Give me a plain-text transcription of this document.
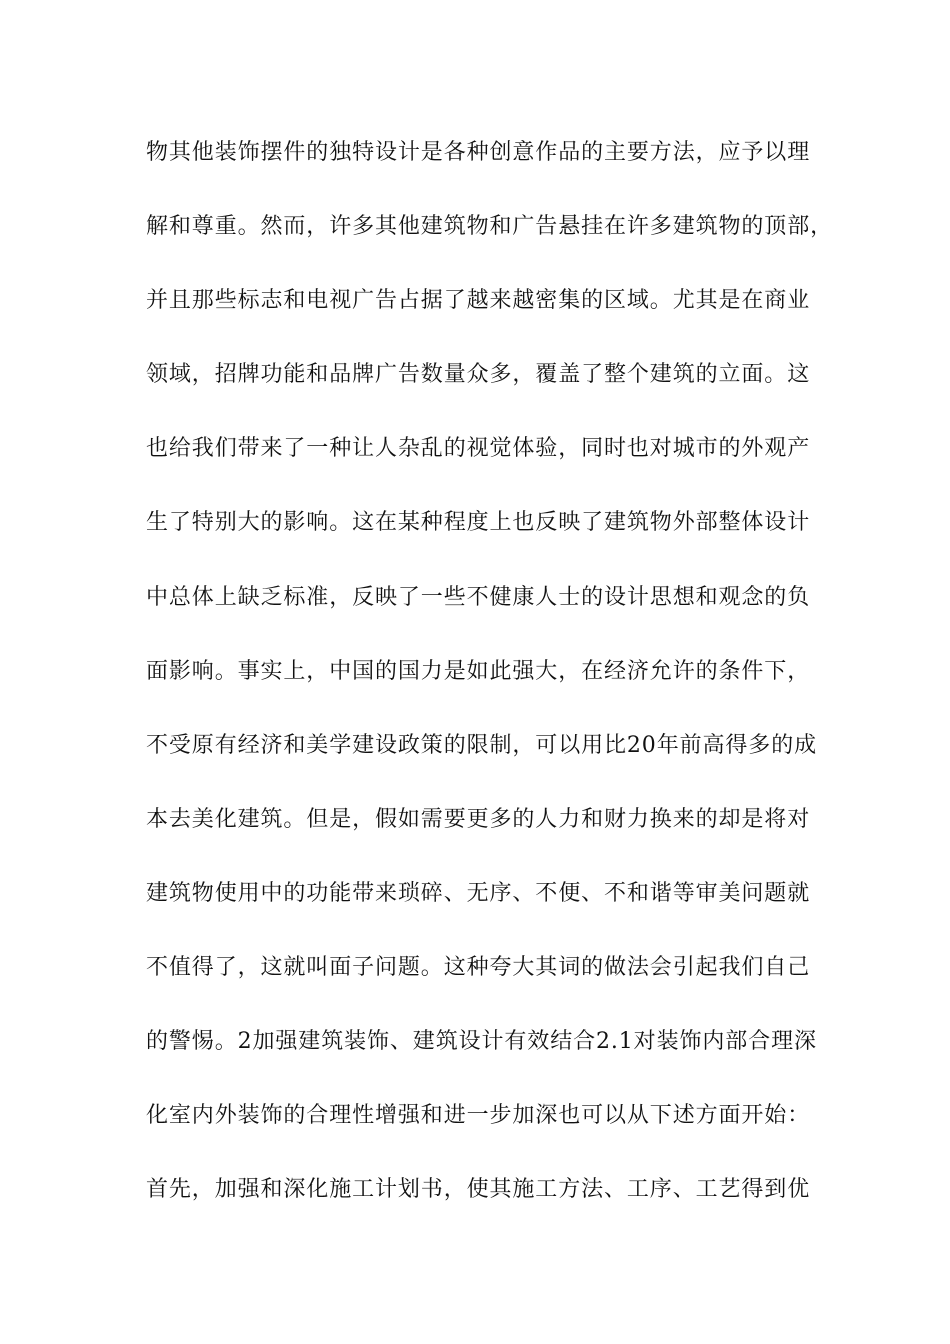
物其他装饰摆件的独特设计是各种创意作品的主要方法，应予以理
解和尊重。然而，许多其他建筑物和广告悬挂在许多建筑物的顶部，
并且那些标志和电视广告占据了越来越密集的区域。尤其是在商业
领域，招牌功能和品牌广告数量众多，覆盖了整个建筑的立面。这
也给我们带来了一种让人杂乱的视觉体验，同时也对城市的外观产
生了特别大的影响。这在某种程度上也反映了建筑物外部整体设计
中总体上缺乏标准，反映了一些不健康人士的设计思想和观念的负
面影响。事实上，中国的国力是如此强大，在经济允许的条件下，
不受原有经济和美学建设政策的限制，可以用比20年前高得多的成
本去美化建筑。但是，假如需要更多的人力和财力换来的却是将对
建筑物使用中的功能带来琐碎、无序、不便、不和谐等审美问题就
不值得了，这就叫面子问题。这种夸大其词的做法会引起我们自己
的警惕。2加强建筑装饰、建筑设计有效结合2.1对装饰内部合理深
化室内外装饰的合理性增强和进一步加深也可以从下述方面开始：
首先，加强和深化施工计划书，使其施工方法、工序、工艺得到优
